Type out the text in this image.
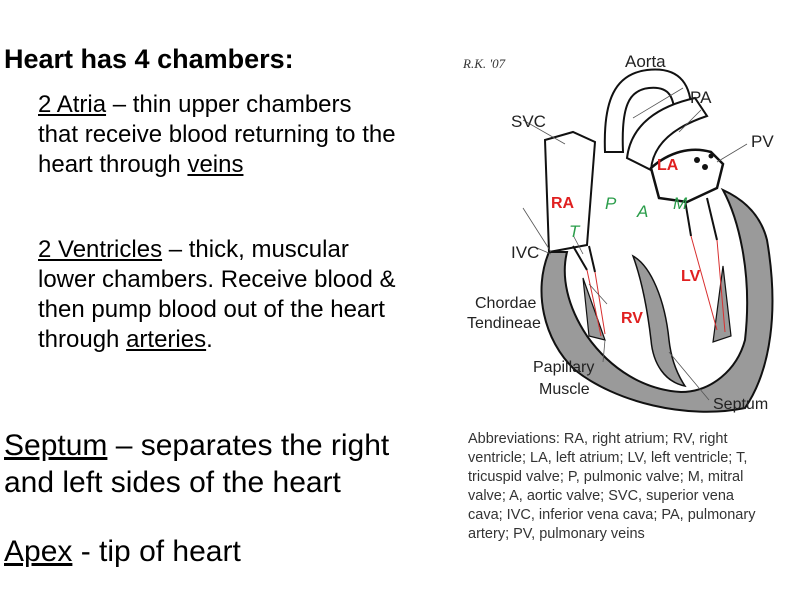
Heart has 4 chambers:
2 Atria – thin upper chambers
that receive blood returning to the
heart through veins
2 Ventricles – thick, muscular
lower chambers. Receive blood &
then pump blood out of the heart
through arteries.
Septum – separates the right
and left sides of the heart
Apex - tip of heart
R.K. '07	Aorta
PA
SVC
PV
LA
RA P A M
T
IVC
LV
Chordae
Tendineae	RV
Papillary
Muscle
Septum
Abbreviations: RA, right atrium; RV, right
ventricle; LA, left atrium; LV, left ventricle; T,
tricuspid valve; P, pulmonic valve; M, mitral
valve; A, aortic valve; SVC, superior vena
cava; IVC, inferior vena cava; PA, pulmonary
artery; PV, pulmonary veins
